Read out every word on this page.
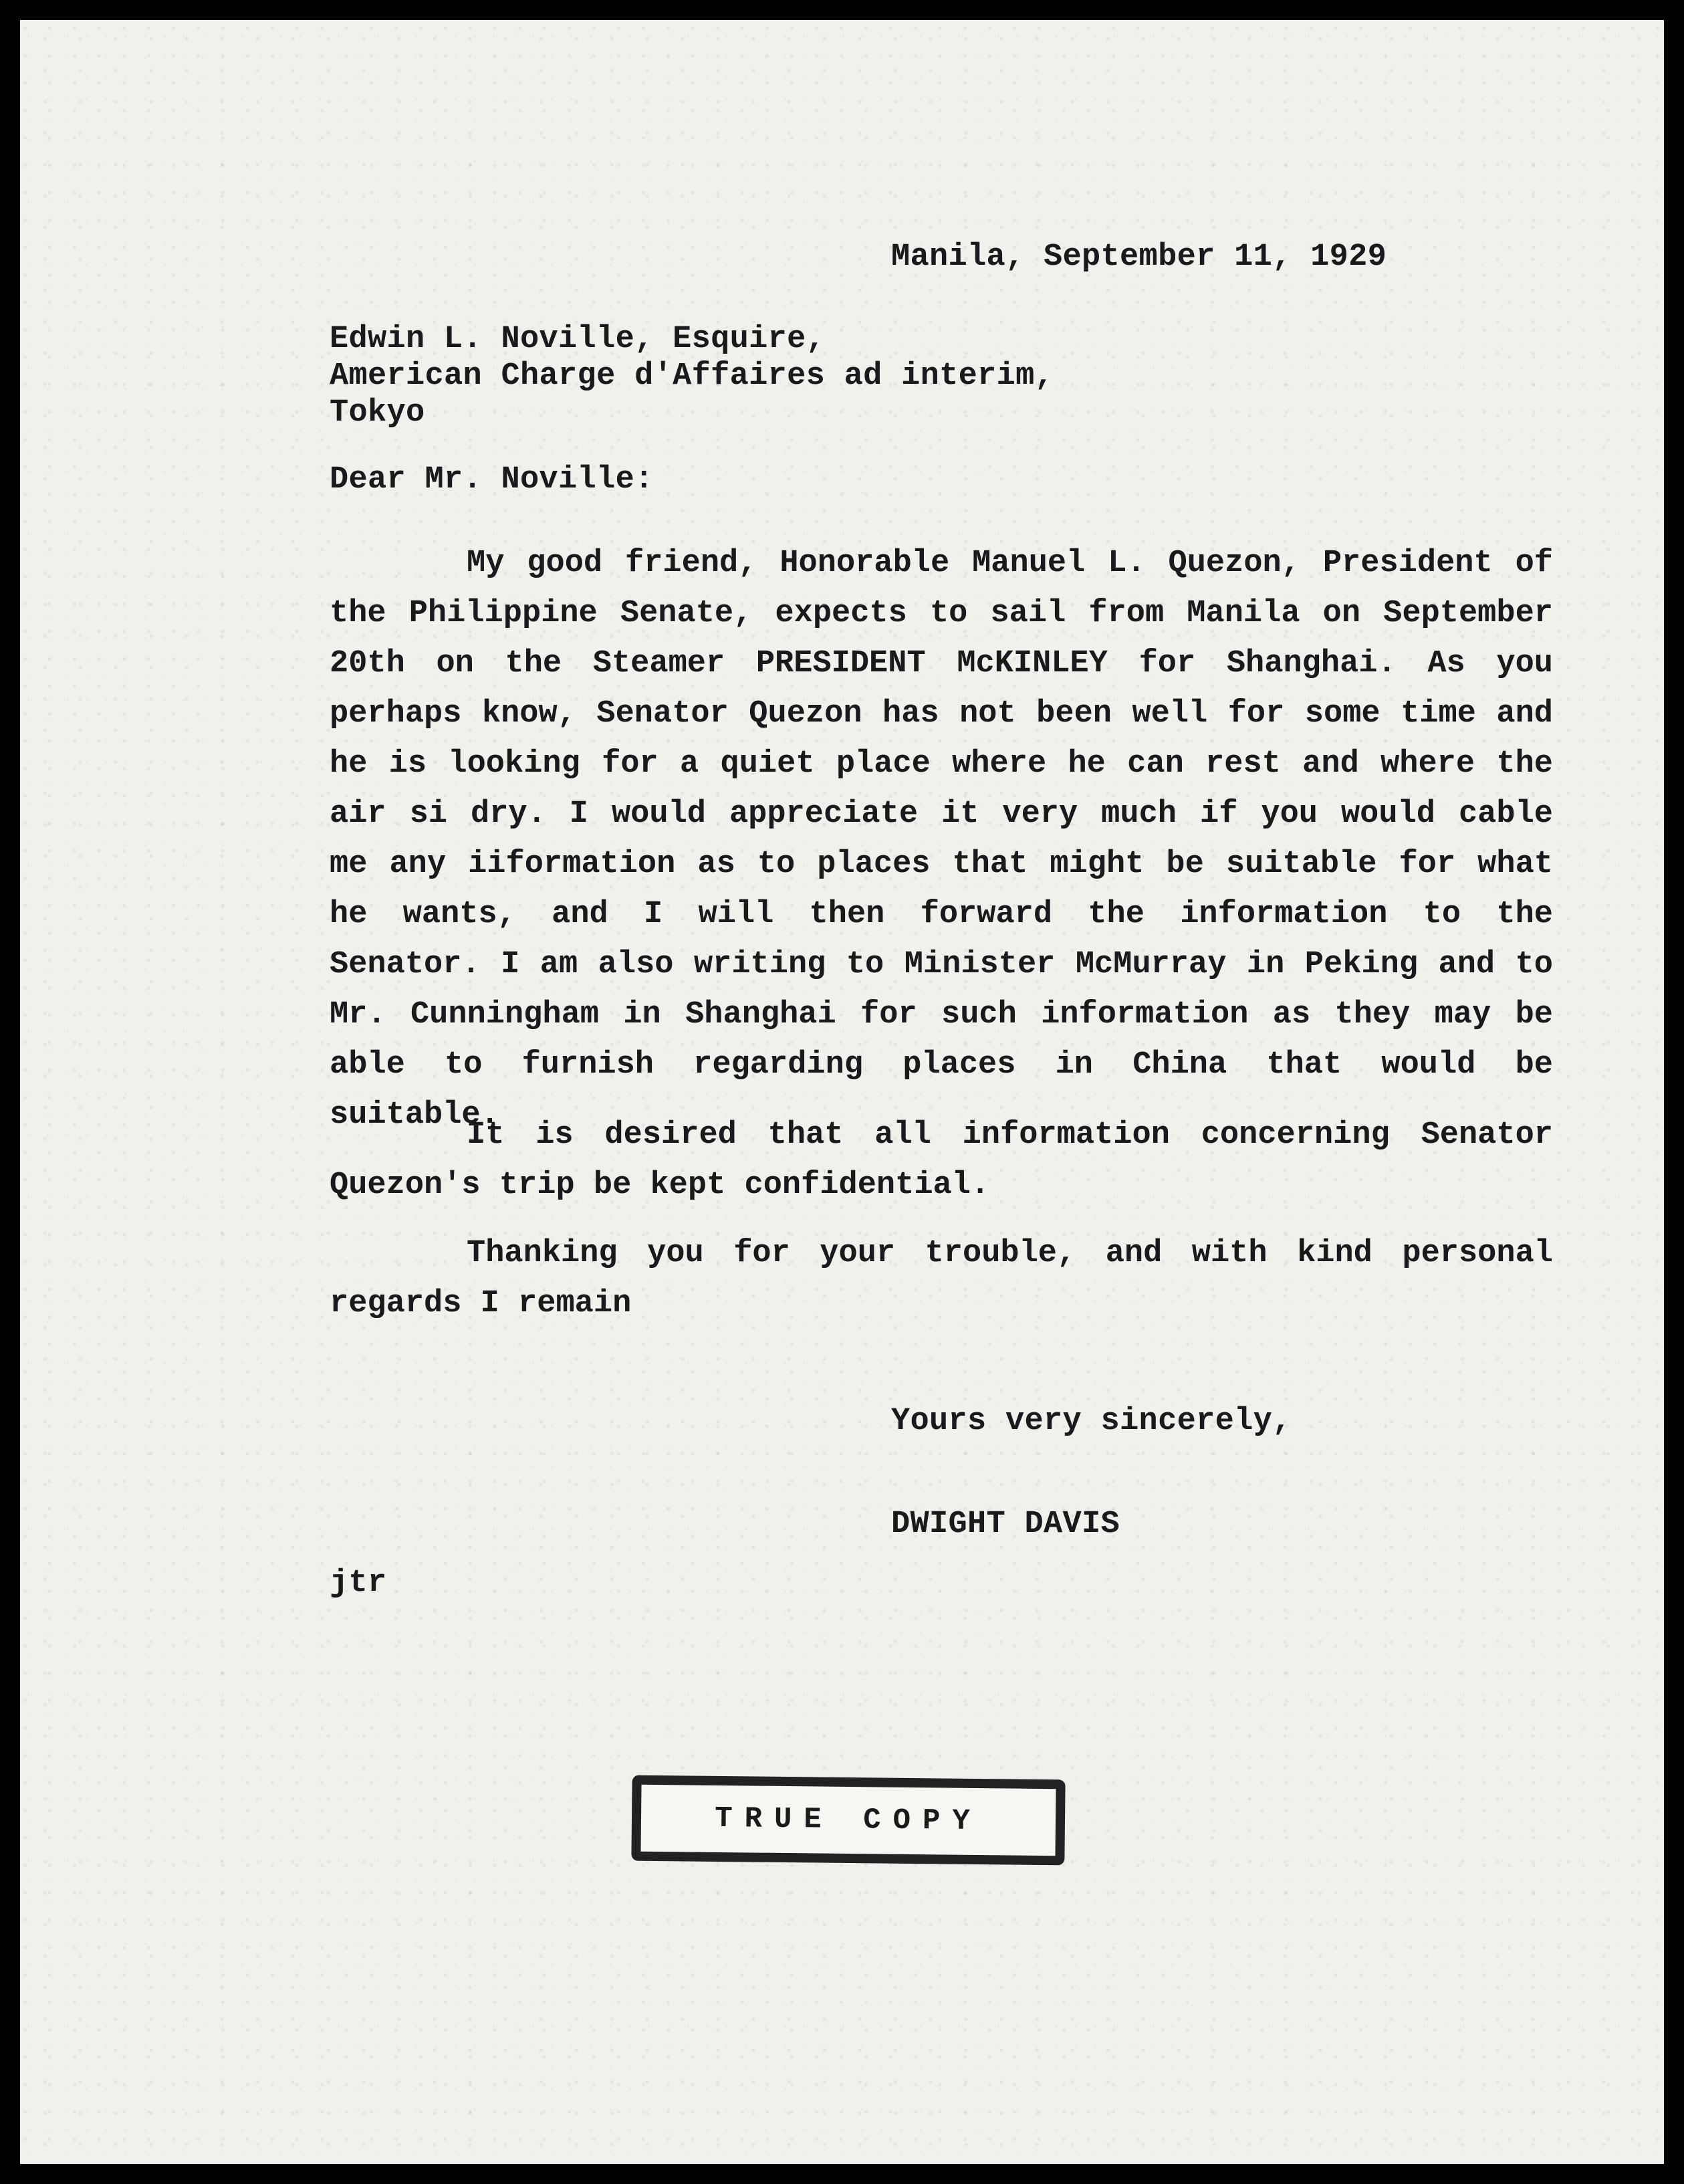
Manila, September 11, 1929
Edwin L. Noville, Esquire,
American Charge d'Affaires ad interim,
Tokyo
Dear Mr. Noville:

My good friend, Honorable Manuel L. Quezon, President of the Philippine Senate, expects to sail from Manila on September 20th on the Steamer PRESIDENT McKINLEY for Shanghai. As you perhaps know, Senator Quezon has not been well for some time and he is looking for a quiet place where he can rest and where the air si dry. I would appreciate it very much if you would cable me any iiformation as to places that might be suitable for what he wants, and I will then forward the information to the Senator. I am also writing to Minister McMurray in Peking and to Mr. Cunningham in Shanghai for such information as they may be able to furnish regarding places in China that would be suitable.

It is desired that all information concerning Senator Quezon's trip be kept confidential.

Thanking you for your trouble, and with kind personal regards I remain

Yours very sincerely,
DWIGHT DAVIS
jtr
TRUE COPY
